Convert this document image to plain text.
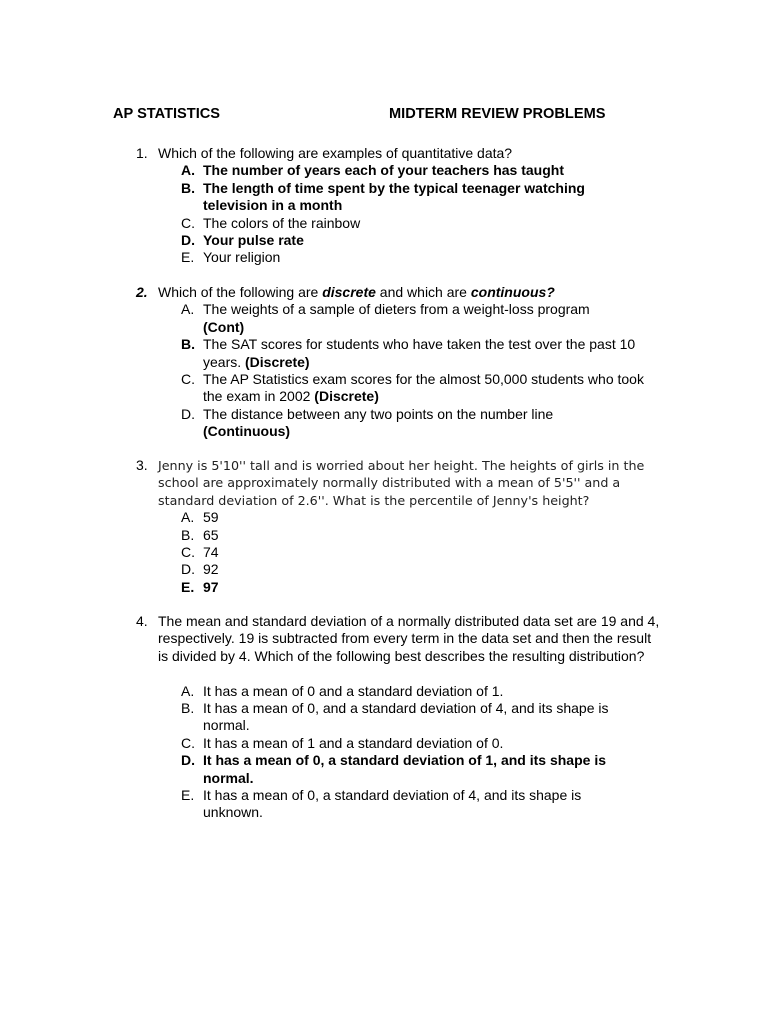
AP STATISTICS	MIDTERM REVIEW PROBLEMS
1. Which of the following are examples of quantitative data?
A. The number of years each of your teachers has taught
B. The length of time spent by the typical teenager watching television in a month
C. The colors of the rainbow
D. Your pulse rate
E. Your religion
2. Which of the following are discrete and which are continuous?
A. The weights of a sample of dieters from a weight-loss program
(Cont)
B. The SAT scores for students who have taken the test over the past 10 years. (Discrete)
C. The AP Statistics exam scores for the almost 50,000 students who took the exam in 2002 (Discrete)
D. The distance between any two points on the number line
(Continuous)
3. Jenny is 5'10'' tall and is worried about her height. The heights of girls in the school are approximately normally distributed with a mean of 5'5'' and a standard deviation of 2.6''. What is the percentile of Jenny's height?
A. 59
B. 65
C. 74
D. 92
E. 97
4. The mean and standard deviation of a normally distributed data set are 19 and 4, respectively. 19 is subtracted from every term in the data set and then the result is divided by 4. Which of the following best describes the resulting distribution?
A. It has a mean of 0 and a standard deviation of 1.
B. It has a mean of 0, and a standard deviation of 4, and its shape is normal.
C. It has a mean of 1 and a standard deviation of 0.
D. It has a mean of 0, a standard deviation of 1, and its shape is normal.
E. It has a mean of 0, a standard deviation of 4, and its shape is unknown.
